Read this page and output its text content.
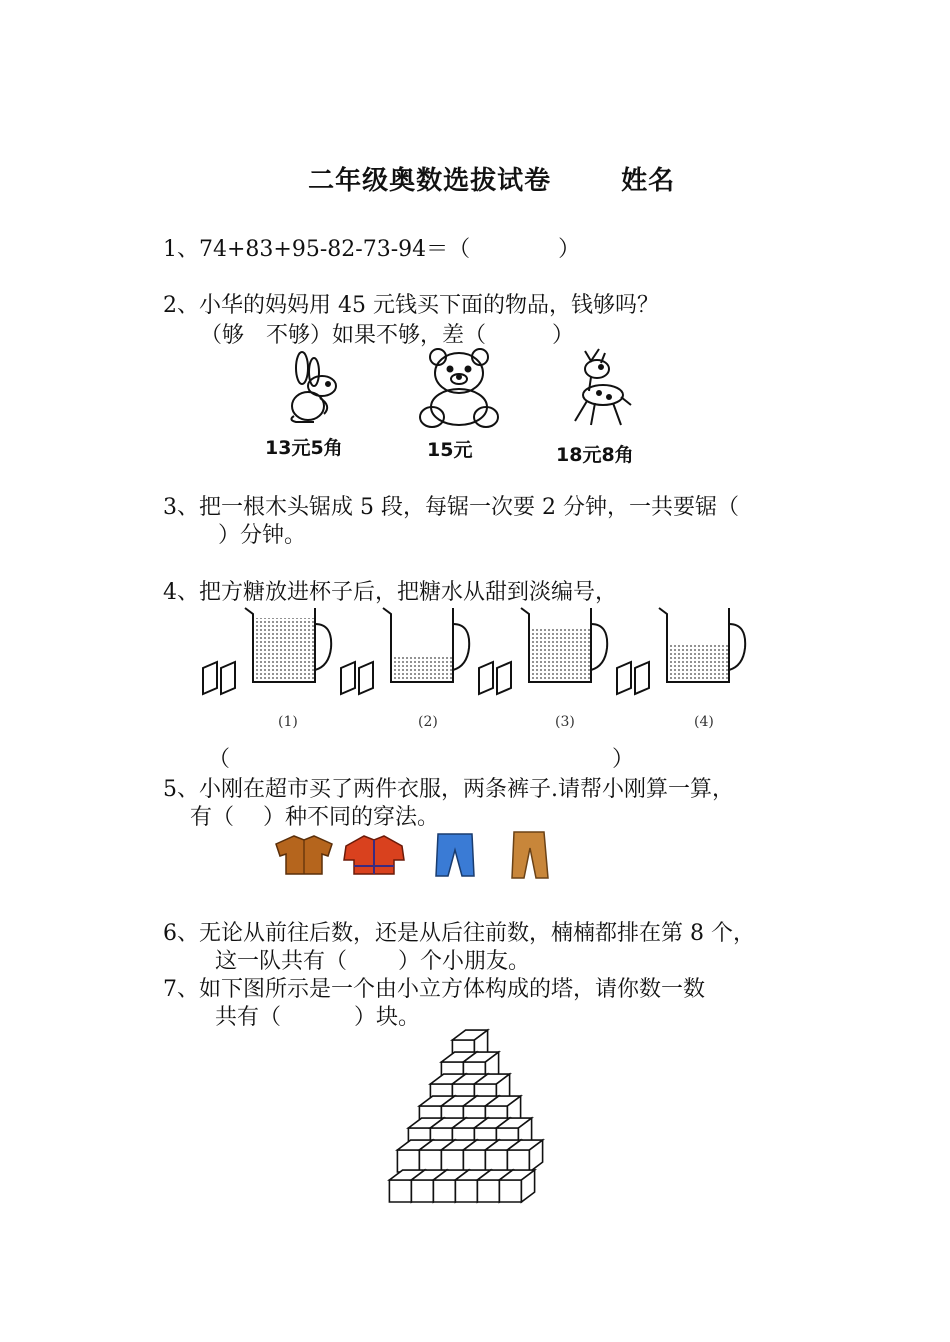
二年级奥数选拔试卷	姓名

1、74+83+95-82-73-94＝（　　　　）
2、小华的妈妈用 45 元钱买下面的物品，钱够吗？
（够　不够）如果不够，差（　　　）
13元5角	15元	18元8角
3、把一根木头锯成 5 段，每锯一次要 2 分钟，一共要锯（
）分钟。
4、把方糖放进杯子后，把糖水从甜到淡编号，
(1)	(2)	(3)	(4)
（	）
5、小刚在超市买了两件衣服，两条裤子.请帮小刚算一算，
有（　 ）种不同的穿法。
6、无论从前往后数，还是从后往前数，楠楠都排在第 8 个，
这一队共有（　　 ）个小朋友。
7、如下图所示是一个由小立方体构成的塔，请你数一数
共有（　　　 ）块。
